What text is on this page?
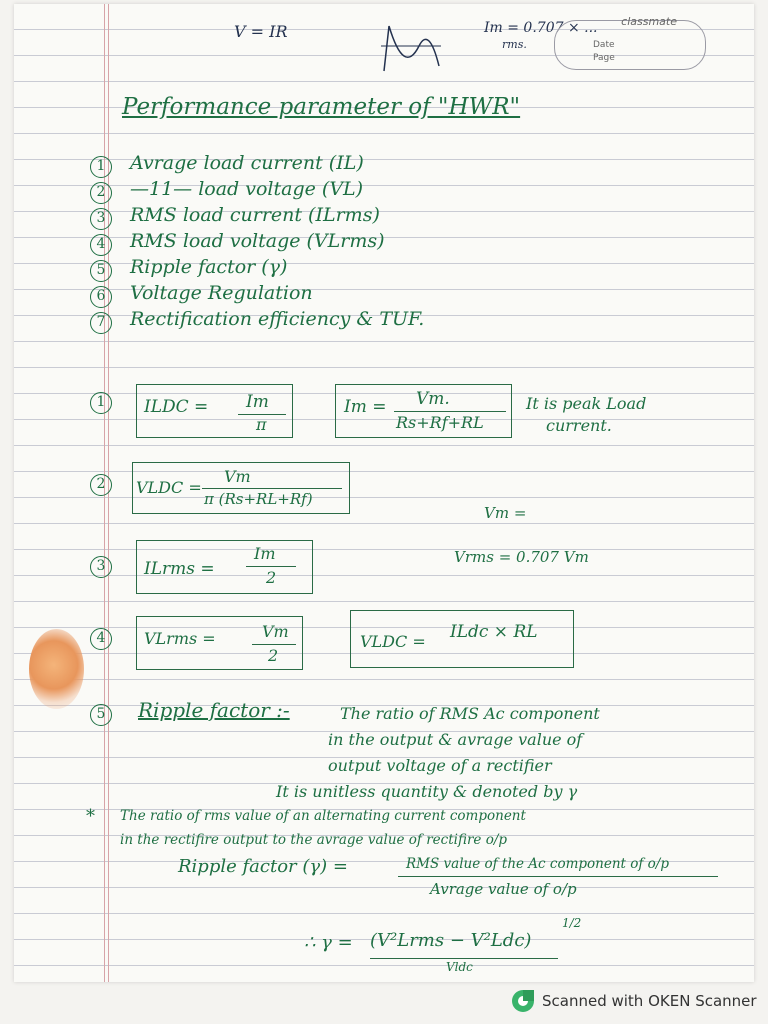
V = IR	Im = 0.707 × ...
rms.
classmate
Date
Page
Performance parameter of "HWR"
1	Avrage load current (IL)
2	—11— load voltage (VL)
3	RMS load current (ILrms)
4	RMS load voltage (VLrms)
5	Ripple factor (γ)
6	Voltage Regulation
7	Rectification efficiency & TUF.
1	ILDC = Im
π
Im = Vm.
Rs+Rf+RL
It is peak Load
current.
2	VLDC =
Vm
π (Rs+RL+Rf)
Vm =
3	ILrms =
Im
2
Vrms = 0.707 Vm
4	VLrms =	Vm
2
VLDC = ILdc × RL
5	Ripple factor :-	The ratio of RMS Ac component
in the output & avrage value of
output voltage of a rectifier
It is unitless quantity & denoted by γ
* The ratio of rms value of an alternating current component
in the rectifire output to the avrage value of rectifire o/p
Ripple factor (γ) =	RMS value of the Ac component of o/p
Avrage value of o/p
∴ γ = (V²Lrms − V²Ldc)
1/2
Vldc
Scanned with OKEN Scanner
